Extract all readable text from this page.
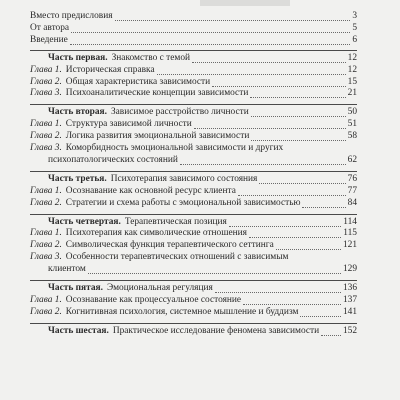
Вместо предисловия	3
От автора	5
Введение	6
Часть первая. Знакомство с темой	12
Глава 1. Историческая справка	12
Глава 2. Общая характеристика зависимости	15
Глава 3. Психоаналитические концепции зависимости	21
Часть вторая. Зависимое расстройство личности	50
Глава 1. Структура зависимой личности	51
Глава 2. Логика развития эмоциональной зависимости	58
Глава 3. Коморбидность эмоциональной зависимости и других
психопатологических состояний	62
Часть третья. Психотерапия зависимого состояния	76
Глава 1. Осознавание как основной ресурс клиента	77
Глава 2. Стратегии и схема работы с эмоциональной зависимостью	84
Часть четвертая. Терапевтическая позиция	114
Глава 1. Психотерапия как символические отношения	115
Глава 2. Символическая функция терапевтического сеттинга	121
Глава 3. Особенности терапевтических отношений с зависимым
клиентом	129
Часть пятая. Эмоциональная регуляция	136
Глава 1. Осознавание как процессуальное состояние	137
Глава 2. Когнитивная психология, системное мышление и буддизм	141
Часть шестая. Практическое исследование феномена зависимости	152
